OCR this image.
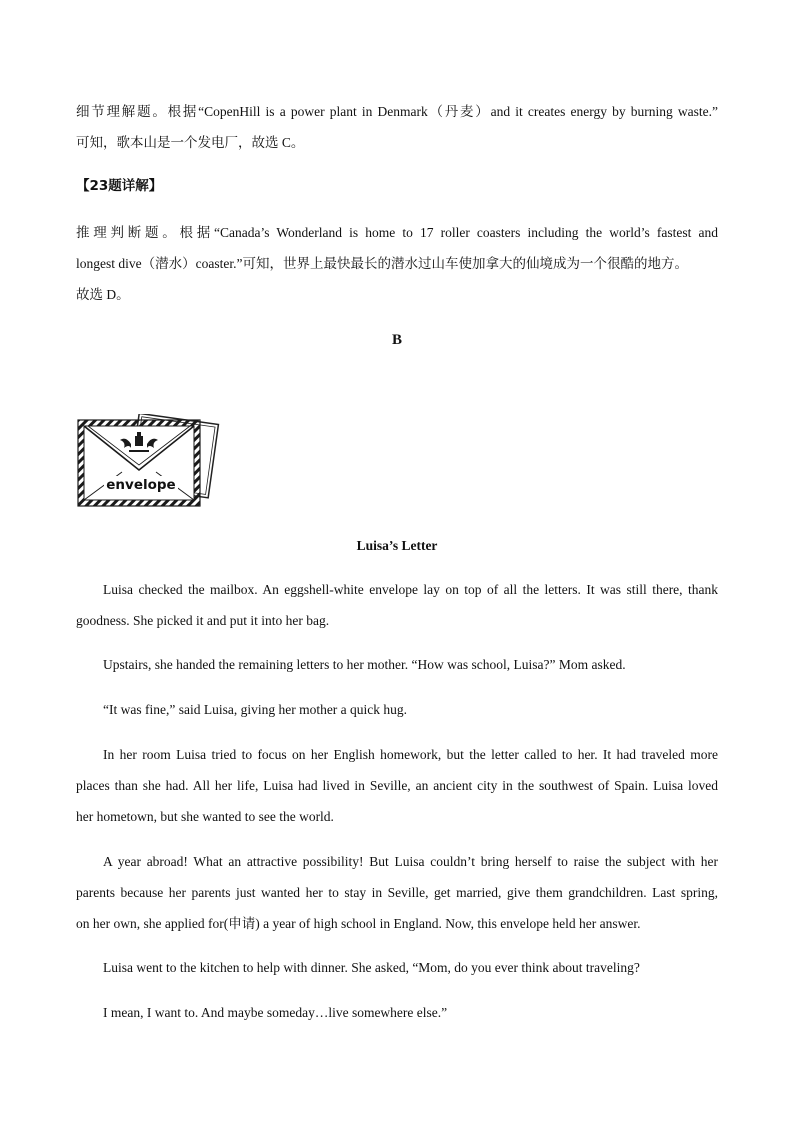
细节理解题。根据“CopenHill is a power plant in Denmark（丹麦）and it creates energy by burning waste.”
可知，歌本山是一个发电厂，故选 C。
【23题详解】
推理判断题。根据“Canada’s Wonderland is home to 17 roller coasters including the world’s fastest and
longest dive（潜水）coaster.”可知，世界上最快最长的潜水过山车使加拿大的仙境成为一个很酷的地方。
故选 D。
B
envelope
Luisa’s Letter
Luisa checked the mailbox. An eggshell-white envelope lay on top of all the letters. It was still there, thank
goodness. She picked it and put it into her bag.
Upstairs, she handed the remaining letters to her mother. “How was school, Luisa?” Mom asked.
“It was fine,” said Luisa, giving her mother a quick hug.
In her room Luisa tried to focus on her English homework, but the letter called to her. It had traveled more
places than she had. All her life, Luisa had lived in Seville, an ancient city in the southwest of Spain. Luisa loved
her hometown, but she wanted to see the world.
A year abroad! What an attractive possibility! But Luisa couldn’t bring herself to raise the subject with her
parents because her parents just wanted her to stay in Seville, get married, give them grandchildren. Last spring,
on her own, she applied for(申请) a year of high school in England. Now, this envelope held her answer.
Luisa went to the kitchen to help with dinner. She asked, “Mom, do you ever think about traveling?
I mean, I want to. And maybe someday…live somewhere else.”
